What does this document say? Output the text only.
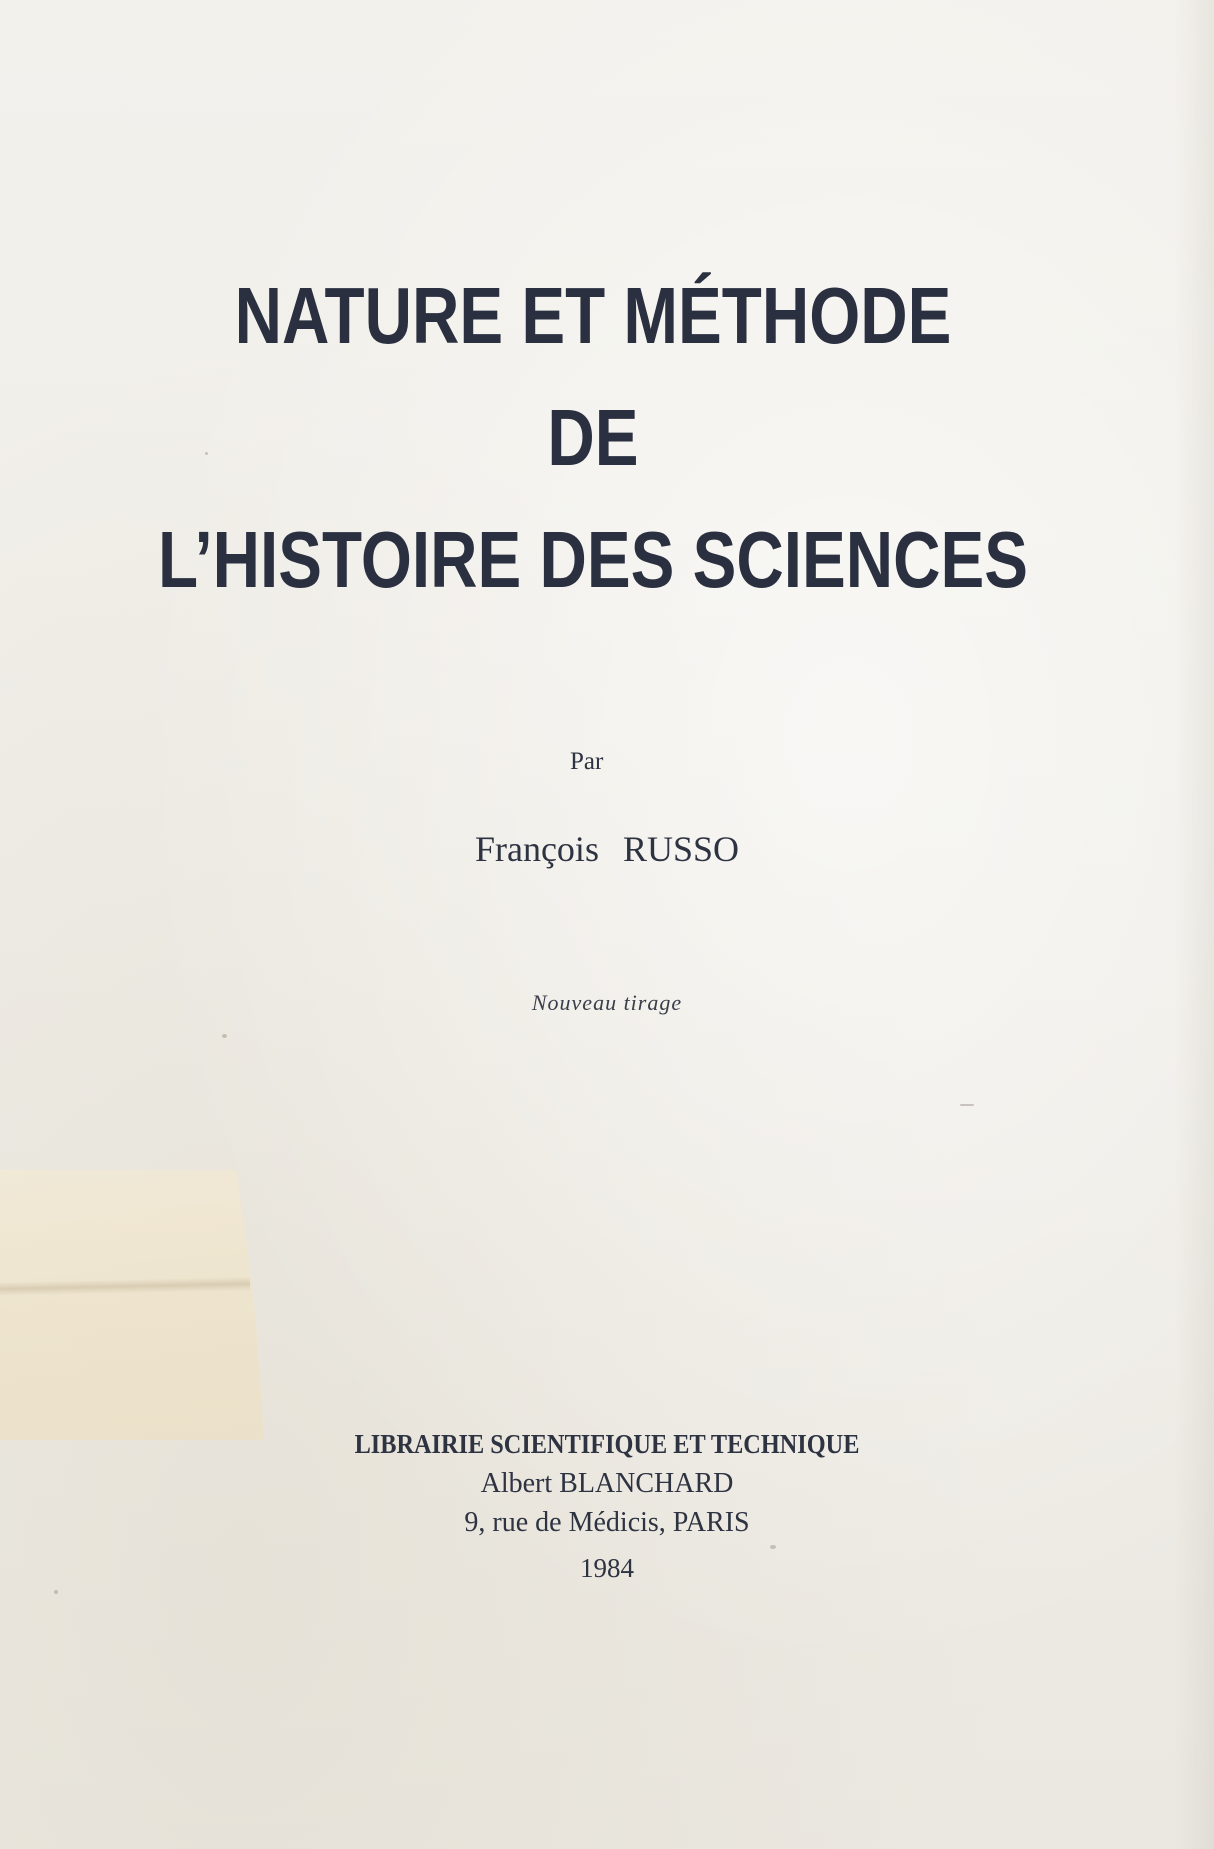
NATURE ET MÉTHODE
DE
L’HISTOIRE DES SCIENCES
Par
François RUSSO
Nouveau tirage
LIBRAIRIE SCIENTIFIQUE ET TECHNIQUE
Albert BLANCHARD
9, rue de Médicis, PARIS
1984
